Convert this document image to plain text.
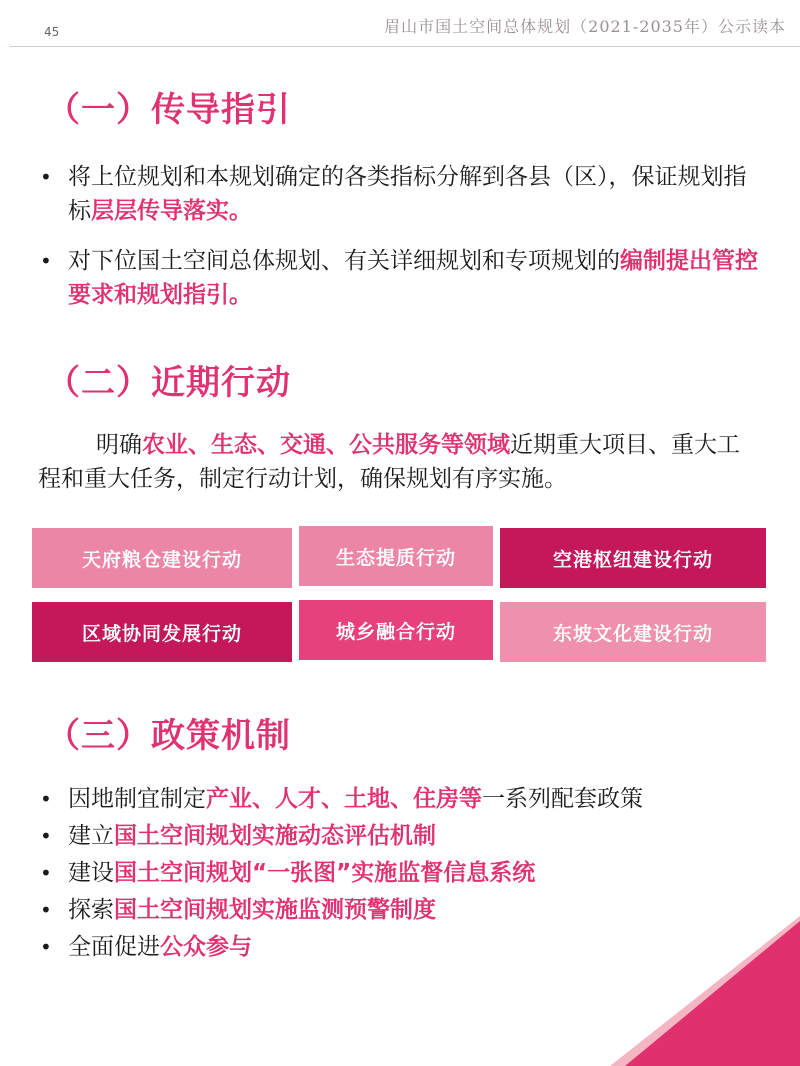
45	眉山市国土空间总体规划（2021-2035年）公示读本
（一）传导指引
• 将上位规划和本规划确定的各类指标分解到各县（区），保证规划指标层层传导落实。
• 对下位国土空间总体规划、有关详细规划和专项规划的编制提出管控要求和规划指引。
（二）近期行动

明确农业、生态、交通、公共服务等领域近期重大项目、重大工程和重大任务，制定行动计划，确保规划有序实施。

天府粮仓建设行动	生态提质行动	空港枢纽建设行动
区域协同发展行动	城乡融合行动	东坡文化建设行动
（三）政策机制
• 因地制宜制定产业、人才、土地、住房等一系列配套政策
• 建立国土空间规划实施动态评估机制
• 建设国土空间规划“一张图”实施监督信息系统
• 探索国土空间规划实施监测预警制度
• 全面促进公众参与
